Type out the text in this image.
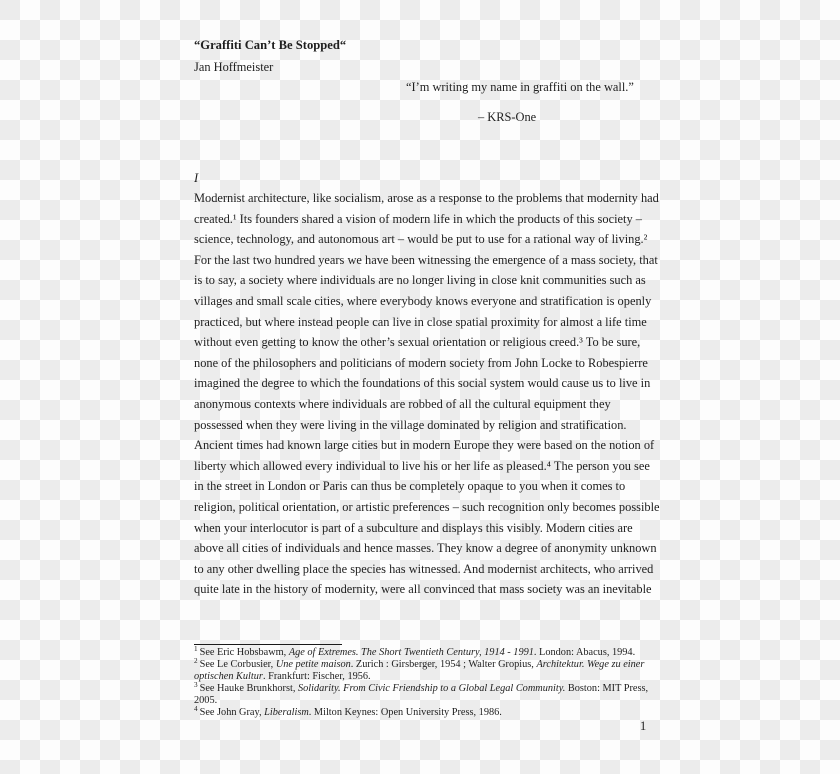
“Graffiti Can’t Be Stopped“
Jan Hoffmeister
“I’m writing my name in graffiti on the wall.”
– KRS-One
I
Modernist architecture, like socialism, arose as a response to the problems that modernity had
created.¹ Its founders shared a vision of modern life in which the products of this society –
science, technology, and autonomous art – would be put to use for a rational way of living.²
For the last two hundred years we have been witnessing the emergence of a mass society, that
is to say, a society where individuals are no longer living in close knit communities such as
villages and small scale cities, where everybody knows everyone and stratification is openly
practiced, but where instead people can live in close spatial proximity for almost a life time
without even getting to know the other’s sexual orientation or religious creed.³ To be sure,
none of the philosophers and politicians of modern society from John Locke to Robespierre
imagined the degree to which the foundations of this social system would cause us to live in
anonymous contexts where individuals are robbed of all the cultural equipment they
possessed when they were living in the village dominated by religion and stratification.
Ancient times had known large cities but in modern Europe they were based on the notion of
liberty which allowed every individual to live his or her life as pleased.⁴ The person you see
in the street in London or Paris can thus be completely opaque to you when it comes to
religion, political orientation, or artistic preferences – such recognition only becomes possible
when your interlocutor is part of a subculture and displays this visibly. Modern cities are
above all cities of individuals and hence masses. They know a degree of anonymity unknown
to any other dwelling place the species has witnessed. And modernist architects, who arrived
quite late in the history of modernity, were all convinced that mass society was an inevitable
$^1$ See Eric Hobsbawm, Age of Extremes. The Short Twentieth Century, 1914 - 1991. London: Abacus, 1994.
$^2$ See Le Corbusier, Une petite maison. Zurich : Girsberger, 1954 ; Walter Gropius, Architektur. Wege zu einer optischen Kultur. Frankfurt: Fischer, 1956.
$^3$ See Hauke Brunkhorst, Solidarity. From Civic Friendship to a Global Legal Community. Boston: MIT Press, 2005.
$^4$ See John Gray, Liberalism. Milton Keynes: Open University Press, 1986.
1
